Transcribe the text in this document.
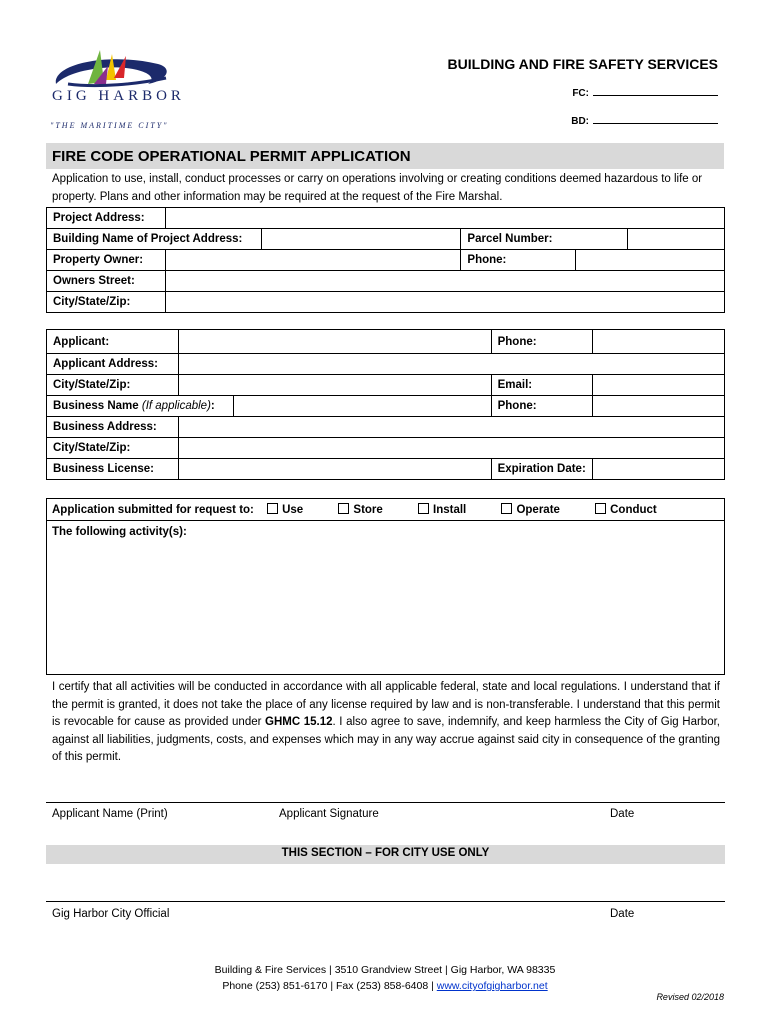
GIG HARBOR
"THE MARITIME CITY"
BUILDING AND FIRE SAFETY SERVICES
FC:
BD:
FIRE CODE OPERATIONAL PERMIT APPLICATION
Application to use, install, conduct processes or carry on operations involving or creating conditions deemed hazardous to life or property. Plans and other information may be required at the request of the Fire Marshal.
Project Address:					
Building Name of Project Address:			Parcel Number:		
Property Owner:			Phone:		
Owners Street:					
City/State/Zip:					
Applicant:			Phone:	
Applicant Address:				
City/State/Zip:			Email:	
Business Name (If applicable):			Phone:	
Business Address:				
City/State/Zip:				
Business License:			Expiration Date:	
Application submitted for request to: Use	Store	Install	Operate	Conduct
The following activity(s):
I certify that all activities will be conducted in accordance with all applicable federal, state and local regulations. I understand that if the permit is granted, it does not take the place of any license required by law and is non-transferable. I understand that this permit is revocable for cause as provided under GHMC 15.12. I also agree to save, indemnify, and keep harmless the City of Gig Harbor, against all liabilities, judgments, costs, and expenses which may in any way accrue against said city in consequence of the granting of this permit.
Applicant Name (Print)	Applicant Signature	Date
THIS SECTION – FOR CITY USE ONLY
Gig Harbor City Official	Date
Building & Fire Services | 3510 Grandview Street | Gig Harbor, WA 98335
Phone (253) 851-6170 | Fax (253) 858-6408 | www.cityofgigharbor.net
Revised 02/2018
